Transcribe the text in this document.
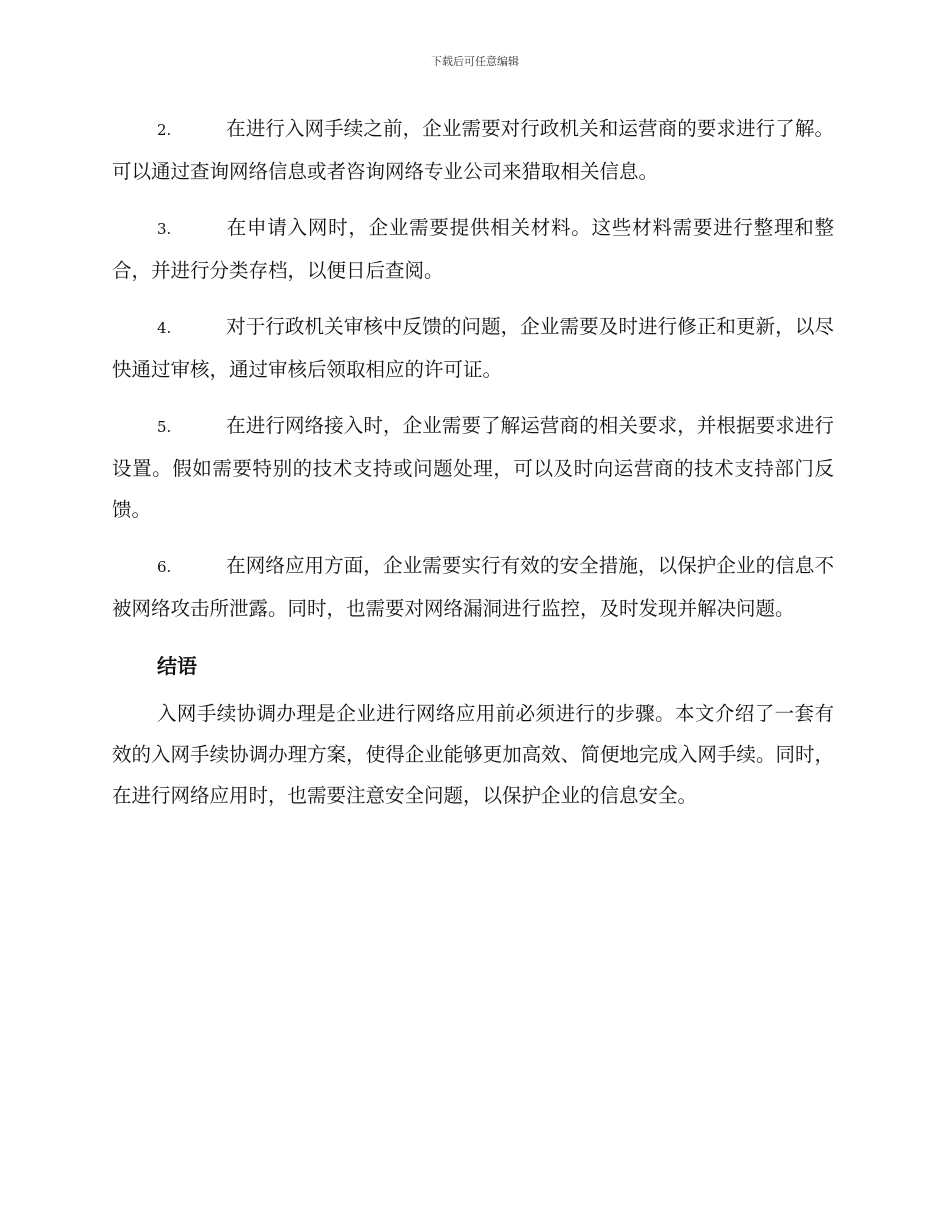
下载后可任意编辑

2.	在进行入网手续之前，企业需要对行政机关和运营商的要求进行了解。可以通过查询网络信息或者咨询网络专业公司来猎取相关信息。

3.	在申请入网时，企业需要提供相关材料。这些材料需要进行整理和整合，并进行分类存档，以便日后查阅。

4.	对于行政机关审核中反馈的问题，企业需要及时进行修正和更新，以尽快通过审核，通过审核后领取相应的许可证。

5.	在进行网络接入时，企业需要了解运营商的相关要求，并根据要求进行设置。假如需要特别的技术支持或问题处理，可以及时向运营商的技术支持部门反馈。

6.	在网络应用方面，企业需要实行有效的安全措施，以保护企业的信息不被网络攻击所泄露。同时，也需要对网络漏洞进行监控，及时发现并解决问题。

结语

入网手续协调办理是企业进行网络应用前必须进行的步骤。本文介绍了一套有效的入网手续协调办理方案，使得企业能够更加高效、简便地完成入网手续。同时，在进行网络应用时，也需要注意安全问题，以保护企业的信息安全。
